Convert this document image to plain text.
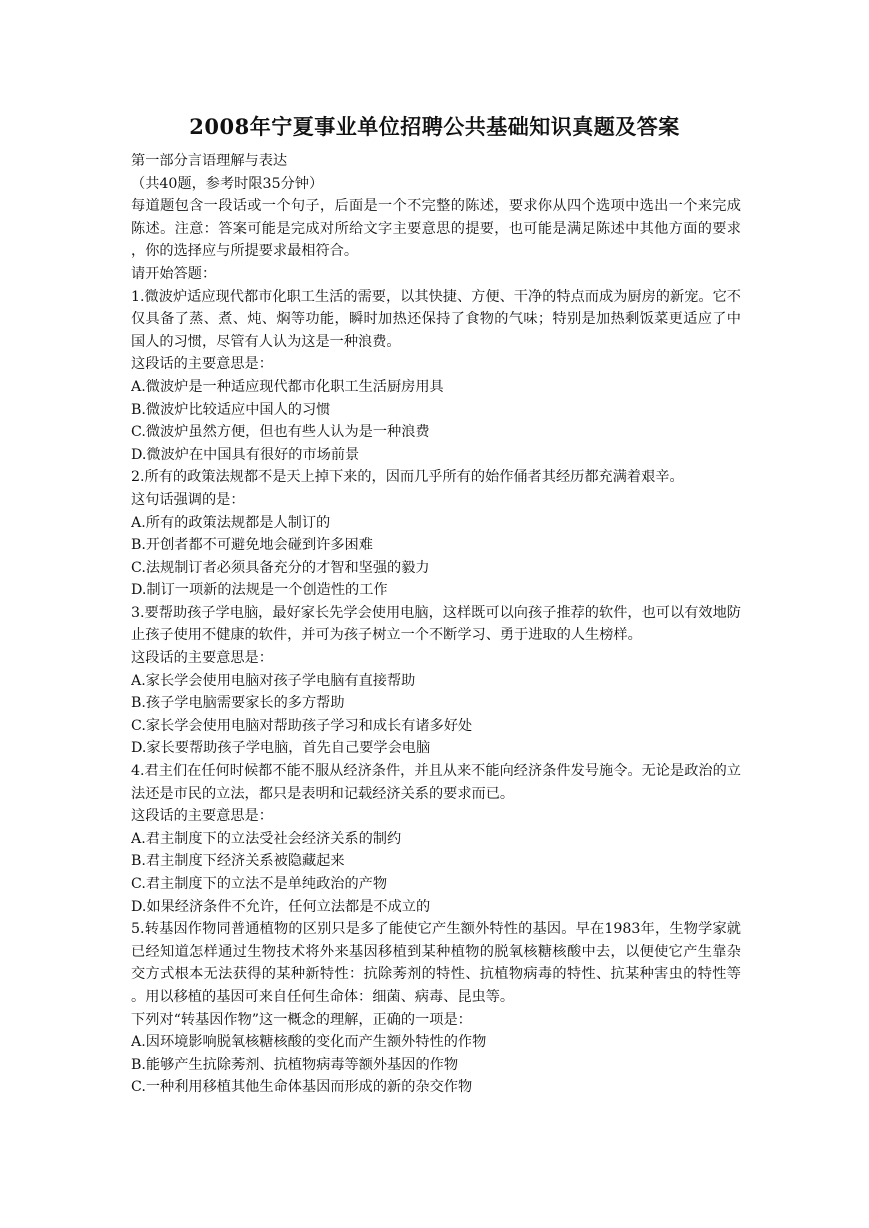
2008年宁夏事业单位招聘公共基础知识真题及答案
第一部分言语理解与表达
（共40题，参考时限35分钟）

每道题包含一段话或一个句子，后面是一个不完整的陈述，要求你从四个选项中选出一个来完成陈述。注意：答案可能是完成对所给文字主要意思的提要，也可能是满足陈述中其他方面的要求，你的选择应与所提要求最相符合。

请开始答题：

1.微波炉适应现代都市化职工生活的需要，以其快捷、方便、干净的特点而成为厨房的新宠。它不仅具备了蒸、煮、炖、焖等功能，瞬时加热还保持了食物的气味；特别是加热剩饭菜更适应了中国人的习惯，尽管有人认为这是一种浪费。

这段话的主要意思是：
A.微波炉是一种适应现代都市化职工生活厨房用具
B.微波炉比较适应中国人的习惯
C.微波炉虽然方便，但也有些人认为是一种浪费
D.微波炉在中国具有很好的市场前景

2.所有的政策法规都不是天上掉下来的，因而几乎所有的始作俑者其经历都充满着艰辛。

这句话强调的是：
A.所有的政策法规都是人制订的
B.开创者都不可避免地会碰到许多困难
C.法规制订者必须具备充分的才智和坚强的毅力
D.制订一项新的法规是一个创造性的工作

3.要帮助孩子学电脑，最好家长先学会使用电脑，这样既可以向孩子推荐的软件，也可以有效地防止孩子使用不健康的软件，并可为孩子树立一个不断学习、勇于进取的人生榜样。

这段话的主要意思是：
A.家长学会使用电脑对孩子学电脑有直接帮助
B.孩子学电脑需要家长的多方帮助
C.家长学会使用电脑对帮助孩子学习和成长有诸多好处
D.家长要帮助孩子学电脑，首先自己要学会电脑

4.君主们在任何时候都不能不服从经济条件，并且从来不能向经济条件发号施令。无论是政治的立法还是市民的立法，都只是表明和记载经济关系的要求而已。

这段话的主要意思是：
A.君主制度下的立法受社会经济关系的制约
B.君主制度下经济关系被隐藏起来
C.君主制度下的立法不是单纯政治的产物
D.如果经济条件不允许，任何立法都是不成立的

5.转基因作物同普通植物的区别只是多了能使它产生额外特性的基因。早在1983年，生物学家就已经知道怎样通过生物技术将外来基因移植到某种植物的脱氧核糖核酸中去，以便使它产生靠杂交方式根本无法获得的某种新特性：抗除莠剂的特性、抗植物病毒的特性、抗某种害虫的特性等。用以移植的基因可来自任何生命体：细菌、病毒、昆虫等。

下列对“转基因作物”这一概念的理解，正确的一项是：
A.因环境影响脱氧核糖核酸的变化而产生额外特性的作物
B.能够产生抗除莠剂、抗植物病毒等额外基因的作物
C.一种利用移植其他生命体基因而形成的新的杂交作物
